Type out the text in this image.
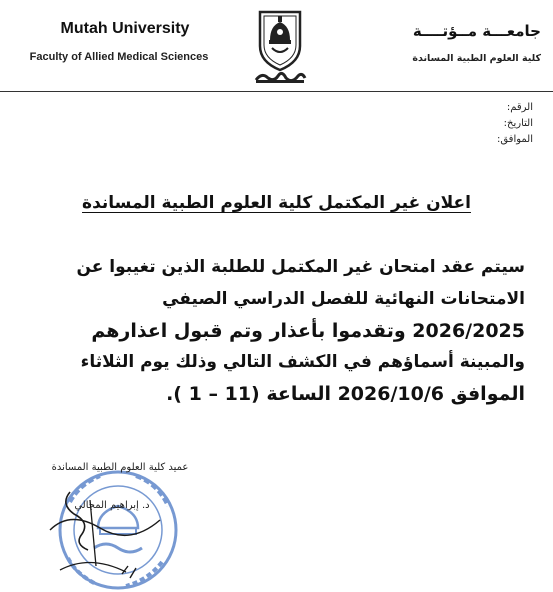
Mutah University
Faculty of Allied Medical Sciences
جامعـــة مــؤتــــة
كلية العلوم الطبية المساندة
الرقم:
التاريخ:
الموافق:
اعلان غير المكتمل كلية العلوم الطبية المساندة
سيتم عقد امتحان غير المكتمل للطلبة الذين تغيبوا عن
الامتحانات النهائية للفصل الدراسي الصيفي
2026/2025 وتقدموا بأعذار وتم قبول اعذارهم
والمبينة أسماؤهم في الكشف التالي وذلك يوم الثلاثاء
الموافق 2026/10/6 الساعة (11 – 1 ).
عميد كلية العلوم الطبية المساندة
د. إبراهيم المجالي
